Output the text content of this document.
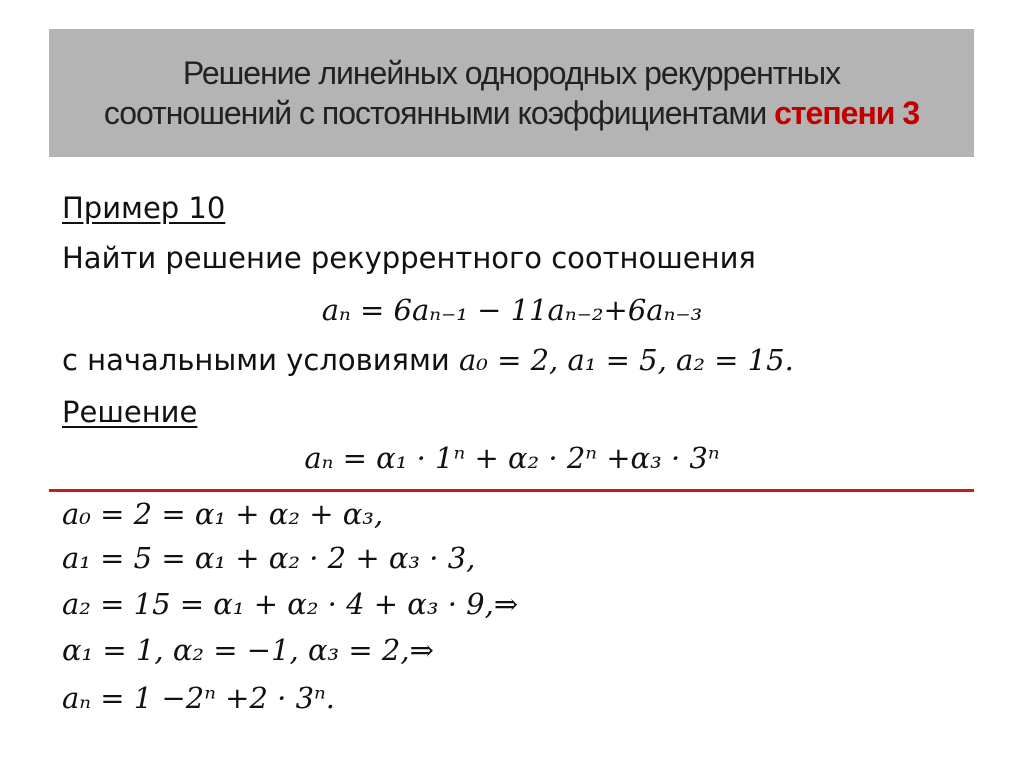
Решение линейных однородных рекуррентных
соотношений с постоянными коэффициентами степени 3
Пример 10
Найти решение рекуррентного соотношения
aₙ = 6aₙ₋₁ − 11aₙ₋₂+6aₙ₋₃
с начальными условиями a₀ = 2, a₁ = 5, a₂ = 15.
Решение
aₙ = α₁ · 1ⁿ + α₂ · 2ⁿ +α₃ · 3ⁿ
a₀ = 2 = α₁ + α₂ + α₃,
a₁ = 5 = α₁ + α₂ · 2 + α₃ · 3,
a₂ = 15 = α₁ + α₂ · 4 + α₃ · 9,⇒
α₁ = 1, α₂ = −1, α₃ = 2,⇒
aₙ = 1 −2ⁿ +2 · 3ⁿ.
